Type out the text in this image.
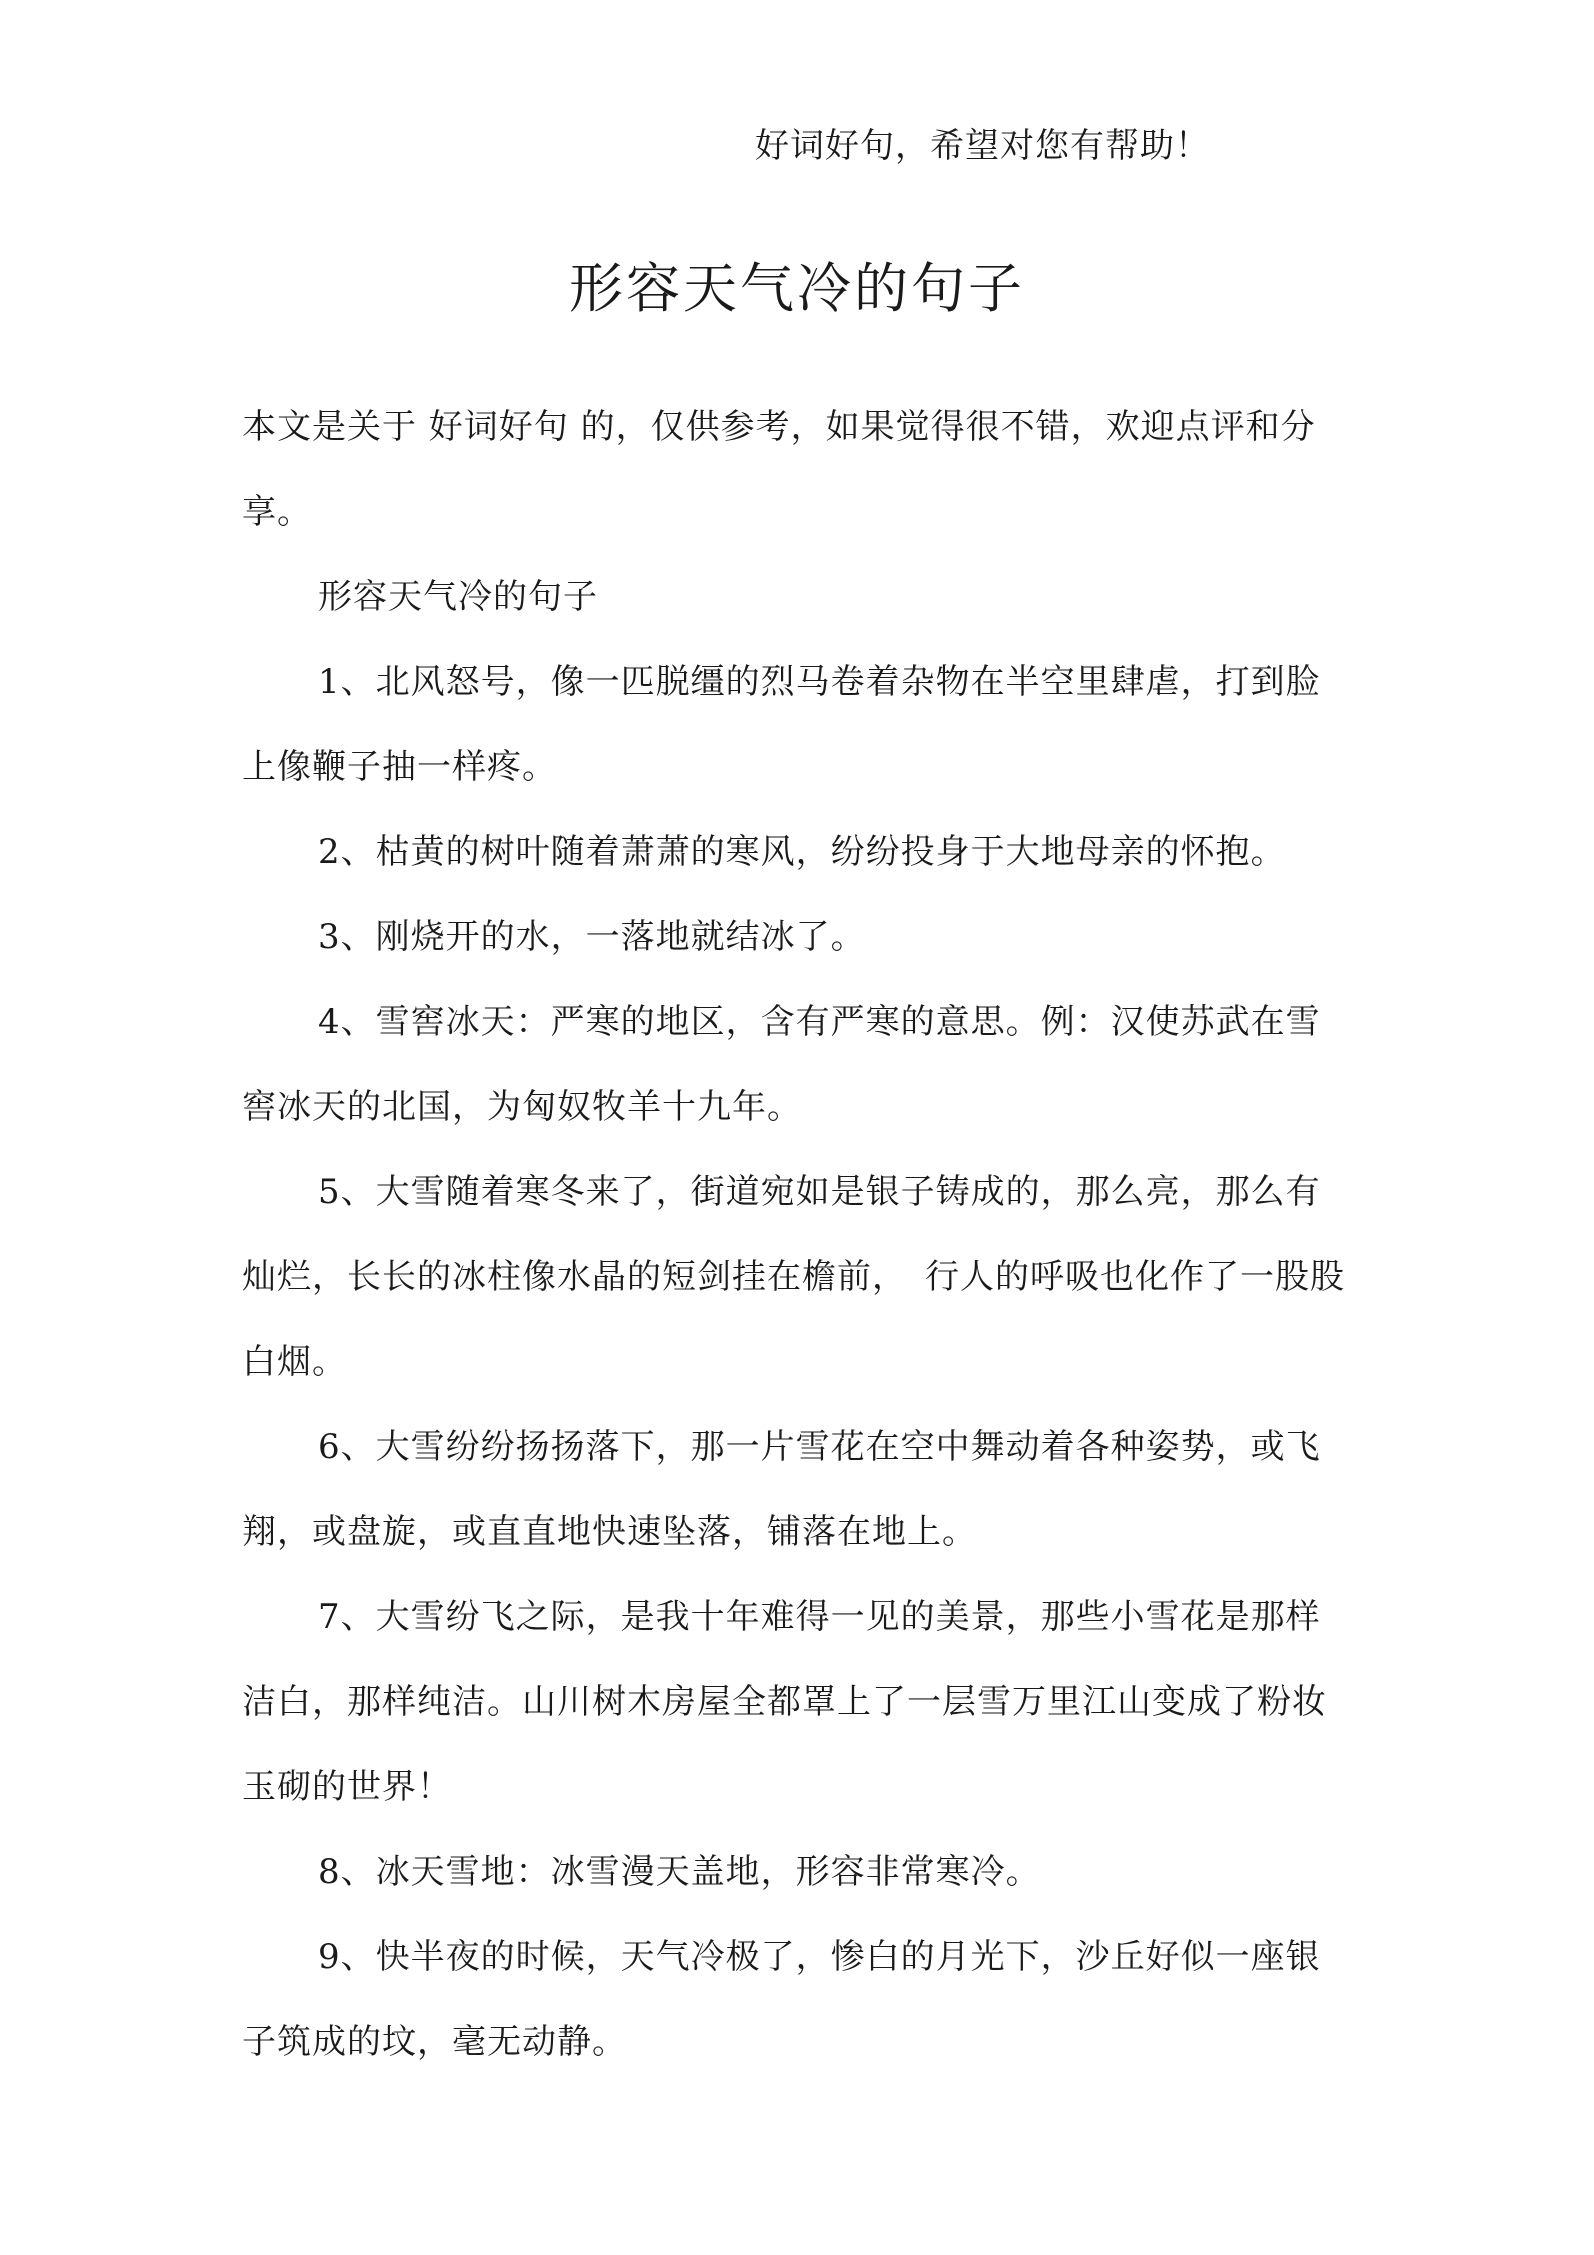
好词好句，希望对您有帮助！
形容天气冷的句子

本文是关于 好词好句 的，仅供参考，如果觉得很不错，欢迎点评和分享。

形容天气冷的句子

1、北风怒号，像一匹脱缰的烈马卷着杂物在半空里肆虐，打到脸上像鞭子抽一样疼。

2、枯黄的树叶随着萧萧的寒风，纷纷投身于大地母亲的怀抱。

3、刚烧开的水，一落地就结冰了。

4、雪窖冰天：严寒的地区，含有严寒的意思。例：汉使苏武在雪窖冰天的北国，为匈奴牧羊十九年。

5、大雪随着寒冬来了，街道宛如是银子铸成的，那么亮，那么有灿烂，长长的冰柱像水晶的短剑挂在檐前，　行人的呼吸也化作了一股股白烟。

6、大雪纷纷扬扬落下，那一片雪花在空中舞动着各种姿势，或飞翔，或盘旋，或直直地快速坠落，铺落在地上。

7、大雪纷飞之际，是我十年难得一见的美景，那些小雪花是那样洁白，那样纯洁。山川树木房屋全都罩上了一层雪万里江山变成了粉妆玉砌的世界！

8、冰天雪地：冰雪漫天盖地，形容非常寒冷。

9、快半夜的时候，天气冷极了，惨白的月光下，沙丘好似一座银子筑成的坟，毫无动静。
